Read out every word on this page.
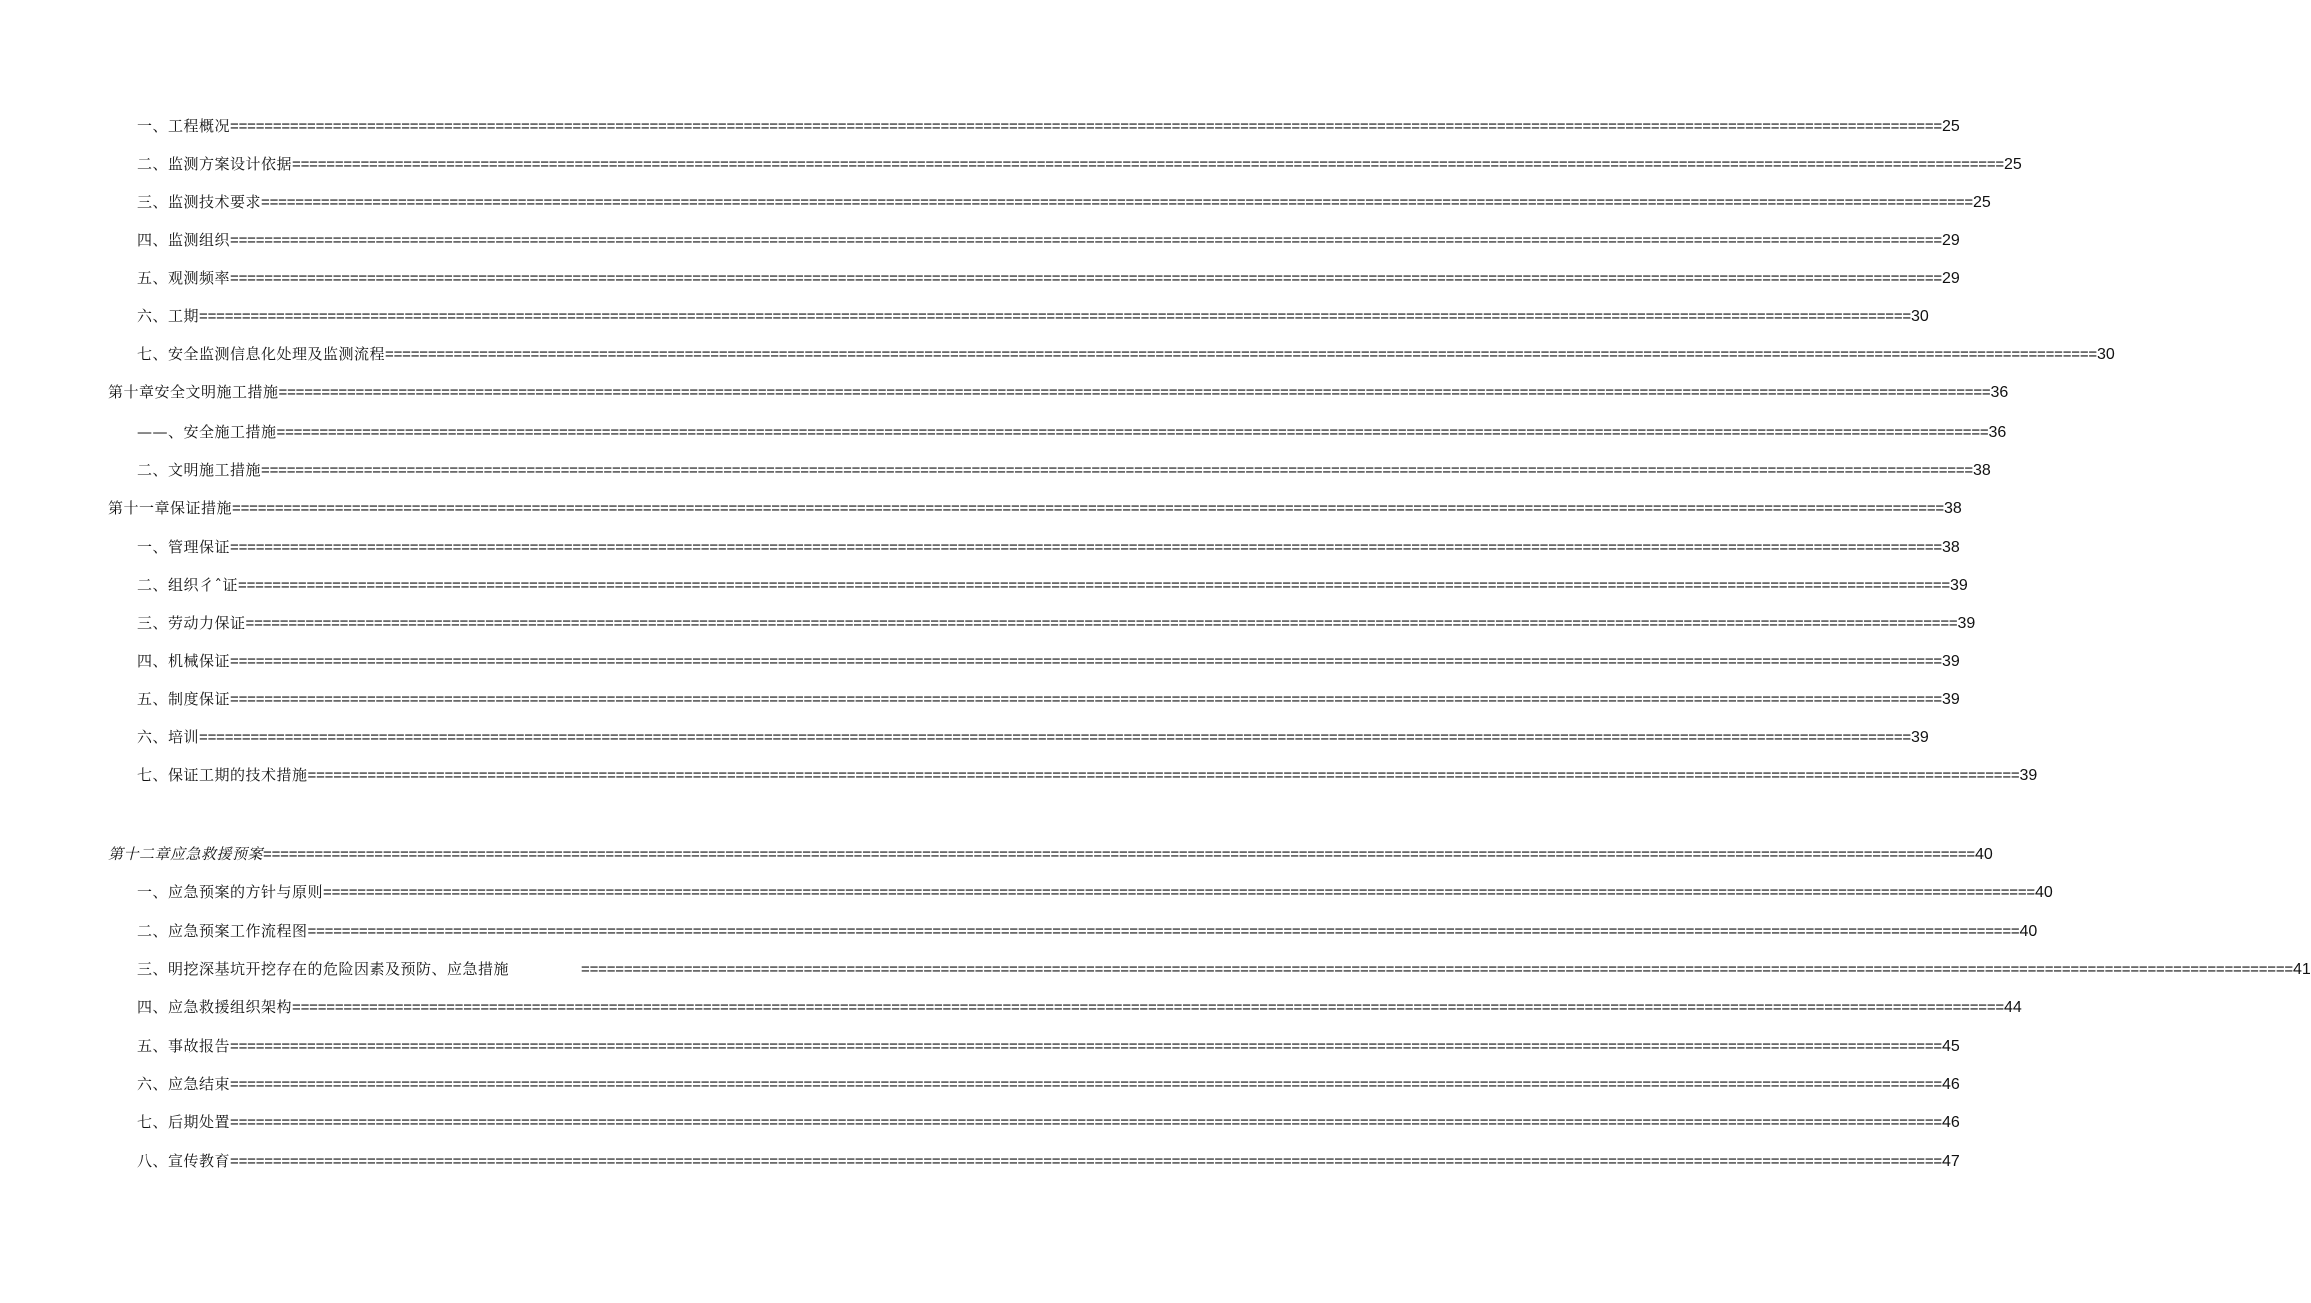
一、工程概况 ======================================================================================================================================================================================================== 25
二、监测方案设计依据 ======================================================================================================================================================================================================== 25
三、监测技术要求 ======================================================================================================================================================================================================== 25
四、监测组织 ======================================================================================================================================================================================================== 29
五、观测频率 ======================================================================================================================================================================================================== 29
六、工期 ======================================================================================================================================================================================================== 30
七、安全监测信息化处理及监测流程 ======================================================================================================================================================================================================== 30
第十章安全文明施工措施 ======================================================================================================================================================================================================== 36
——、安全施工措施 ======================================================================================================================================================================================================== 36
二、文明施工措施 ======================================================================================================================================================================================================== 38
第十一章保证措施 ======================================================================================================================================================================================================== 38
一、管理保证 ======================================================================================================================================================================================================== 38
二、组织彳ˆ证 ======================================================================================================================================================================================================== 39
三、劳动力保证 ======================================================================================================================================================================================================== 39
四、机械保证 ======================================================================================================================================================================================================== 39
五、制度保证 ======================================================================================================================================================================================================== 39
六、培训 ======================================================================================================================================================================================================== 39
七、保证工期的技术措施 ======================================================================================================================================================================================================== 39
第十二章应急救援预案 ======================================================================================================================================================================================================== 40
一、应急预案的方针与原则 ======================================================================================================================================================================================================== 40
二、应急预案工作流程图 ======================================================================================================================================================================================================== 40
三、明挖深基坑开挖存在的危险因素及预防、应急措施	======================================================================================================================================================================================================== 41
四、应急救援组织架构 ======================================================================================================================================================================================================== 44
五、事故报告 ======================================================================================================================================================================================================== 45
六、应急结束 ======================================================================================================================================================================================================== 46
七、后期处置 ======================================================================================================================================================================================================== 46
八、宣传教育 ======================================================================================================================================================================================================== 47
